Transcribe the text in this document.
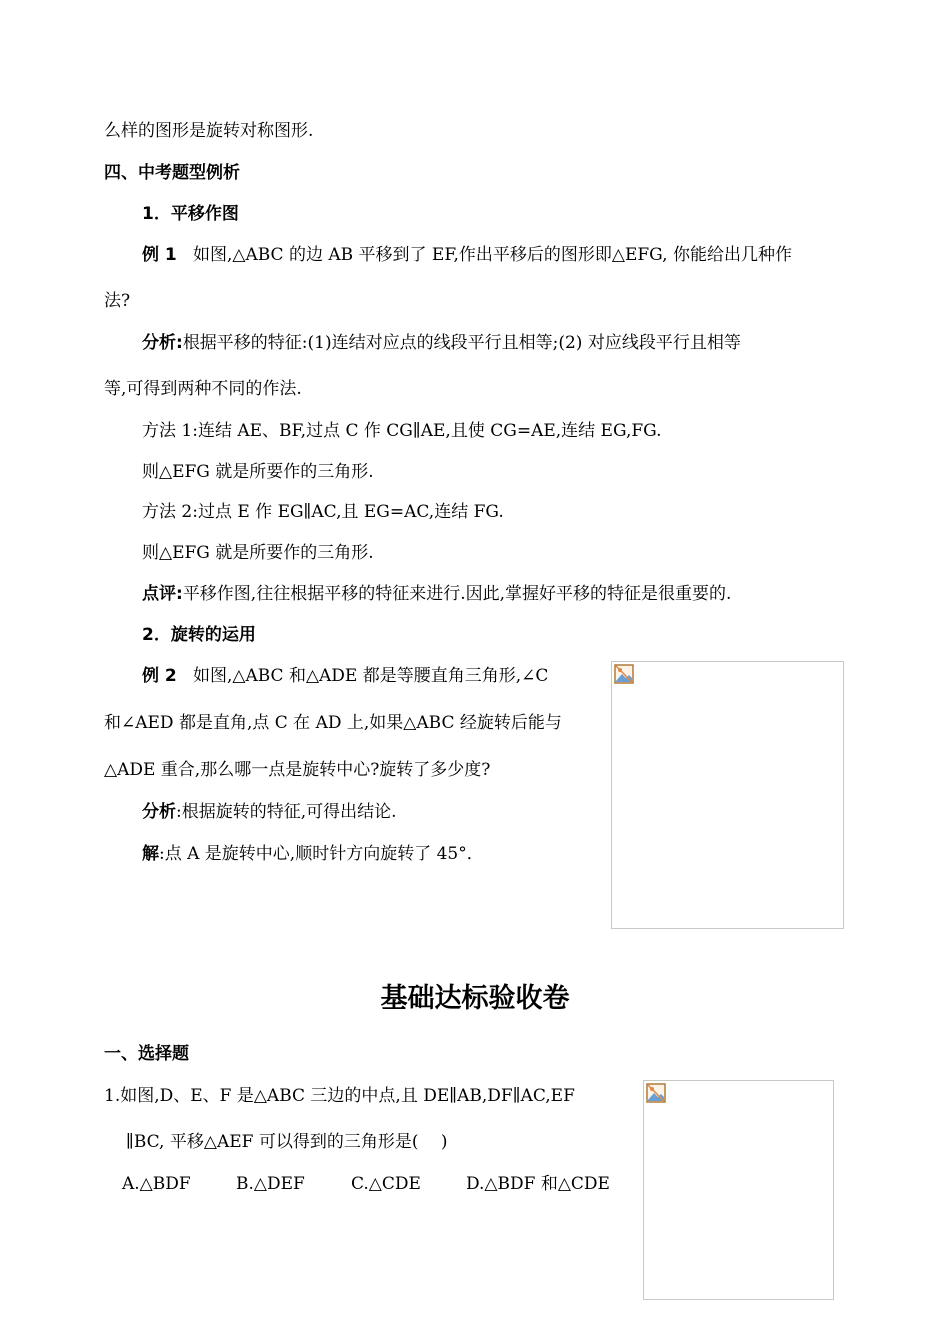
么样的图形是旋转对称图形.
四、中考题型例析
1．平移作图
例 1 如图,△ABC 的边 AB 平移到了 EF,作出平移后的图形即△EFG, 你能给出几种作
法?
分析:根据平移的特征:(1)连结对应点的线段平行且相等;(2) 对应线段平行且相等
等,可得到两种不同的作法.
方法 1:连结 AE、BF,过点 C 作 CG∥AE,且使 CG=AE,连结 EG,FG.
则△EFG 就是所要作的三角形.
方法 2:过点 E 作 EG∥AC,且 EG=AC,连结 FG.
则△EFG 就是所要作的三角形.
点评:平移作图,往往根据平移的特征来进行.因此,掌握好平移的特征是很重要的.
2．旋转的运用
例 2 如图,△ABC 和△ADE 都是等腰直角三角形,∠C
和∠AED 都是直角,点 C 在 AD 上,如果△ABC 经旋转后能与
△ADE 重合,那么哪一点是旋转中心?旋转了多少度?
分析:根据旋转的特征,可得出结论.
解:点 A 是旋转中心,顺时针方向旋转了 45°．
基础达标验收卷
一、选择题
1.如图,D、E、F 是△ABC 三边的中点,且 DE∥AB,DF∥AC,EF
∥BC, 平移△AEF 可以得到的三角形是(　 )
A.△BDF	B.△DEF	C.△CDE	D.△BDF 和△CDE
